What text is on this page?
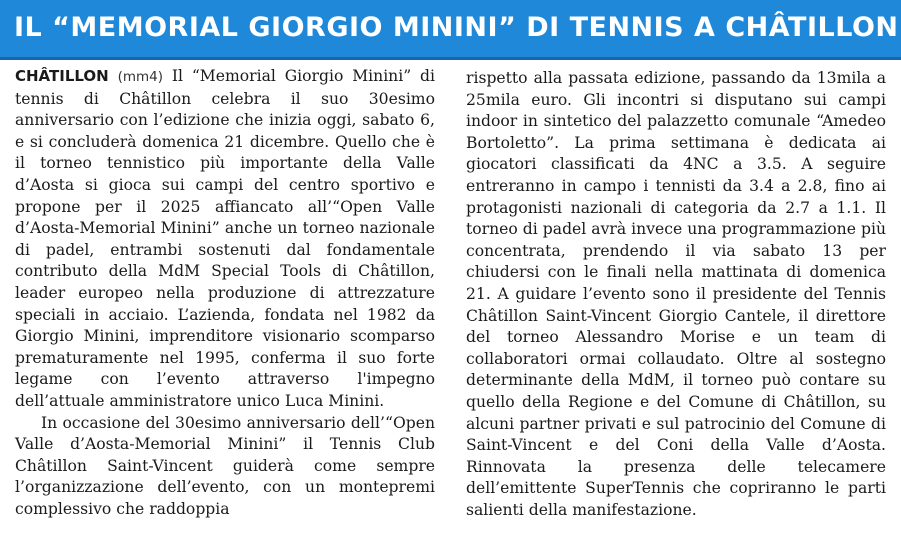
IL “MEMORIAL GIORGIO MININI” DI TENNIS A CHÂTILLON

CHÂTILLON (mm4) Il “Memorial Giorgio Minini” di tennis di Châtillon celebra il suo 30esimo anniversario con l’edizione che inizia oggi, sabato 6, e si concluderà domenica 21 dicembre. Quello che è il torneo tennistico più importante della Valle d’Aosta si gioca sui campi del centro sportivo e propone per il 2025 affiancato all’“Open Valle d’Aosta-Memorial Minini” anche un torneo nazionale di padel, entrambi sostenuti dal fondamentale contributo della MdM Special Tools di Châtillon, leader europeo nella produzione di attrezzature speciali in acciaio. L’azienda, fondata nel 1982 da Giorgio Minini, imprenditore visionario scomparso prematuramente nel 1995, conferma il suo forte legame con l’evento attraverso l'impegno dell’attuale amministratore unico Luca Minini.

In occasione del 30esimo anniversario dell’“Open Valle d’Aosta-Memorial Minini” il Tennis Club Châtillon Saint-Vincent guiderà come sempre l’organizzazione dell’evento, con un montepremi complessivo che raddoppia

rispetto alla passata edizione, passando da 13mila a 25mila euro. Gli incontri si disputano sui campi indoor in sintetico del palazzetto comunale “Amedeo Bortoletto”. La prima settimana è dedicata ai giocatori classificati da 4NC a 3.5. A seguire entreranno in campo i tennisti da 3.4 a 2.8, fino ai protagonisti nazionali di categoria da 2.7 a 1.1. Il torneo di padel avrà invece una programmazione più concentrata, prendendo il via sabato 13 per chiudersi con le finali nella mattinata di domenica 21. A guidare l’evento sono il presidente del Tennis Châtillon Saint-Vincent Giorgio Cantele, il direttore del torneo Alessandro Morise e un team di collaboratori ormai collaudato. Oltre al sostegno determinante della MdM, il torneo può contare su quello della Regione e del Comune di Châtillon, su alcuni partner privati e sul patrocinio del Comune di Saint-Vincent e del Coni della Valle d’Aosta. Rinnovata la presenza delle telecamere dell’emittente SuperTennis che copriranno le parti salienti della manifestazione.
